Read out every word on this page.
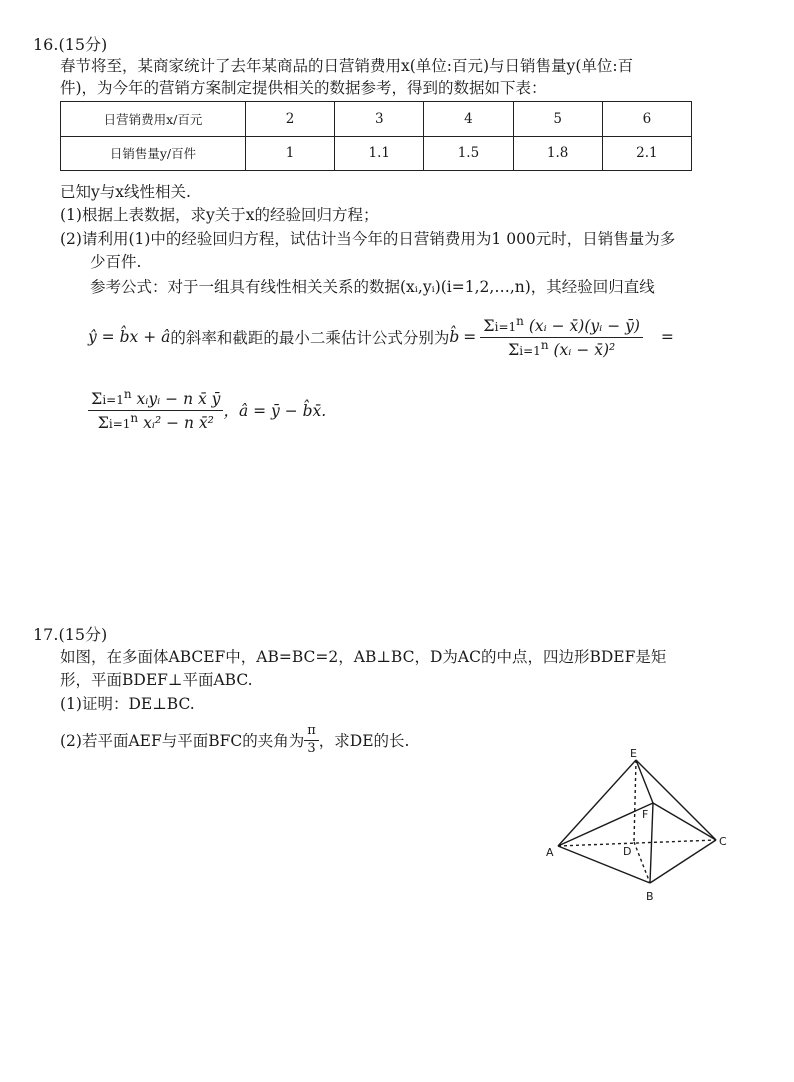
16.(15分)
春节将至，某商家统计了去年某商品的日营销费用x(单位:百元)与日销售量y(单位:百
件)，为今年的营销方案制定提供相关的数据参考，得到的数据如下表：
日营销费用x/百元	2	3	4	5	6
日销售量y/百件	1	1.1	1.5	1.8	2.1
已知y与x线性相关.
(1)根据上表数据，求y关于x的经验回归方程；
(2)请利用(1)中的经验回归方程，试估计当今年的日营销费用为1 000元时，日销售量为多
少百件.
参考公式：对于一组具有线性相关关系的数据(xᵢ,yᵢ)(i=1,2,…,n)，其经验回归直线
ŷ = b̂x + â 的斜率和截距的最小二乘估计公式分别为 b̂ = $\frac{\Sigma i=1^n (xᵢ - x̄)(yᵢ - ȳ)}{\Sigma i=1^n (xᵢ - x̄)^2}$	=
$\frac{\Sigma i=1^n xᵢyᵢ - n x̄ ȳ}{\Sigma i=1^n xᵢ^2 - n x̄^2}$ ，â = ȳ − b̂x̄.
17.(15分)
如图，在多面体ABCEF中，AB=BC=2，AB⊥BC，D为AC的中点，四边形BDEF是矩
形，平面BDEF⊥平面ABC.
(1)证明：DE⊥BC.
(2)若平面AEF与平面BFC的夹角为 $\frac{\pi}{3}$ ，求DE的长.
E
F
A
C
D
B
